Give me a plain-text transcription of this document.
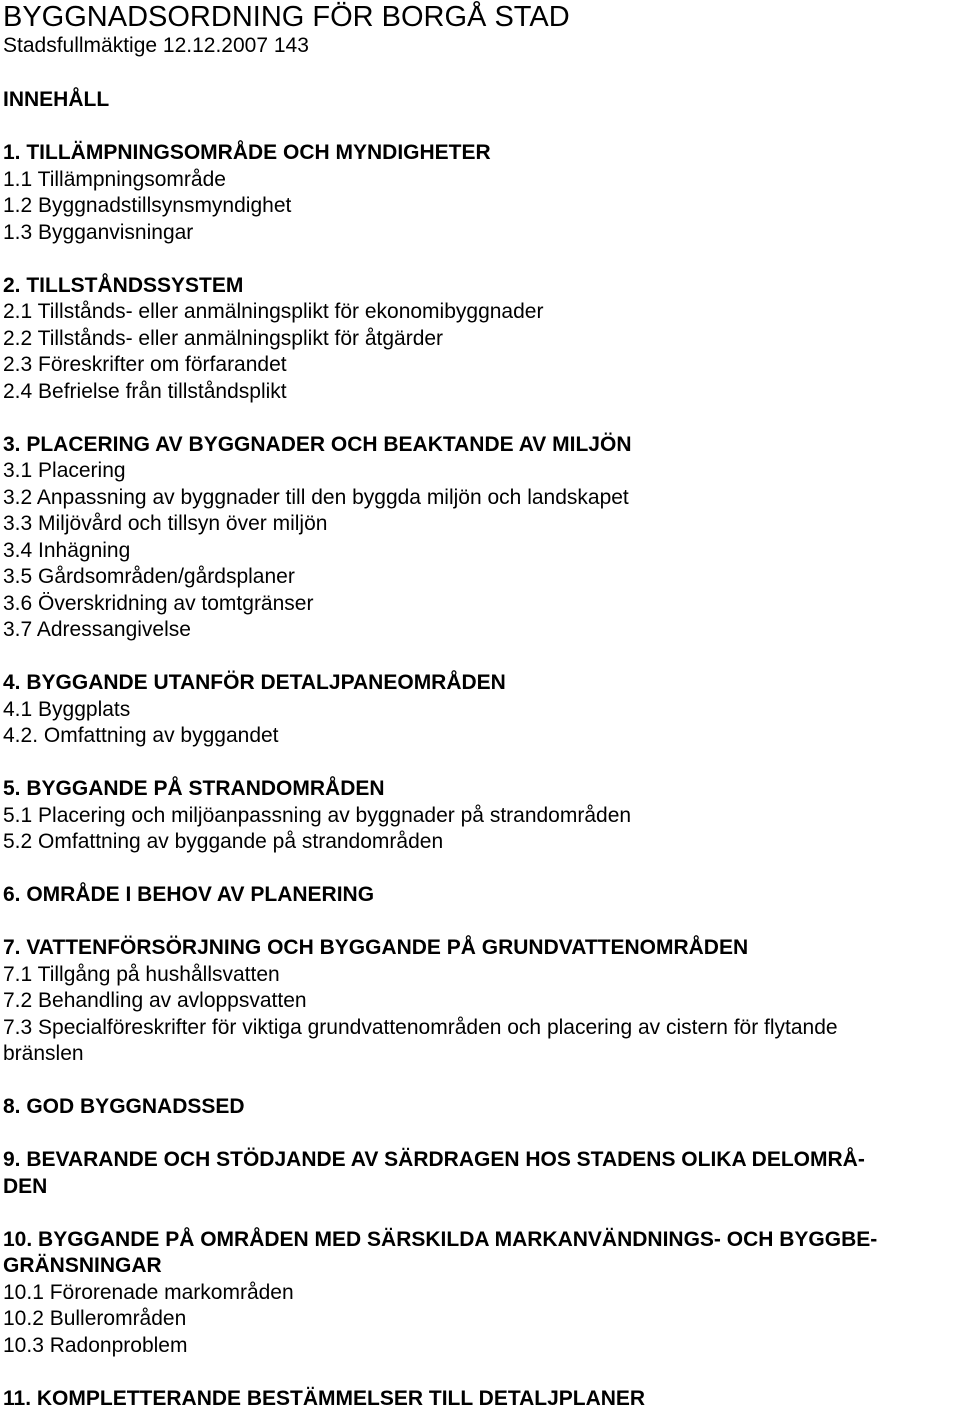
BYGGNADSORDNING FÖR BORGÅ STAD
Stadsfullmäktige 12.12.2007 143
INNEHÅLL
1. TILLÄMPNINGSOMRÅDE OCH MYNDIGHETER
1.1 Tillämpningsområde
1.2 Byggnadstillsynsmyndighet
1.3 Bygganvisningar
2. TILLSTÅNDSSYSTEM
2.1 Tillstånds- eller anmälningsplikt för ekonomibyggnader
2.2 Tillstånds- eller anmälningsplikt för åtgärder
2.3 Föreskrifter om förfarandet
2.4 Befrielse från tillståndsplikt
3. PLACERING AV BYGGNADER OCH BEAKTANDE AV MILJÖN
3.1 Placering
3.2 Anpassning av byggnader till den byggda miljön och landskapet
3.3 Miljövård och tillsyn över miljön
3.4 Inhägning
3.5 Gårdsområden/gårdsplaner
3.6 Överskridning av tomtgränser
3.7 Adressangivelse
4. BYGGANDE UTANFÖR DETALJPANEOMRÅDEN
4.1 Byggplats
4.2. Omfattning av byggandet
5. BYGGANDE PÅ STRANDOMRÅDEN
5.1 Placering och miljöanpassning av byggnader på strandområden
5.2 Omfattning av byggande på strandområden
6. OMRÅDE I BEHOV AV PLANERING
7. VATTENFÖRSÖRJNING OCH BYGGANDE PÅ GRUNDVATTENOMRÅDEN
7.1 Tillgång på hushållsvatten
7.2 Behandling av avloppsvatten
7.3 Specialföreskrifter för viktiga grundvattenområden och placering av cistern för flytande
bränslen
8. GOD BYGGNADSSED
9. BEVARANDE OCH STÖDJANDE AV SÄRDRAGEN HOS STADENS OLIKA DELOMRÅ-
DEN
10. BYGGANDE PÅ OMRÅDEN MED SÄRSKILDA MARKANVÄNDNINGS- OCH BYGGBE-
GRÄNSNINGAR
10.1 Förorenade markområden
10.2 Bullerområden
10.3 Radonproblem
11. KOMPLETTERANDE BESTÄMMELSER TILL DETALJPLANER
